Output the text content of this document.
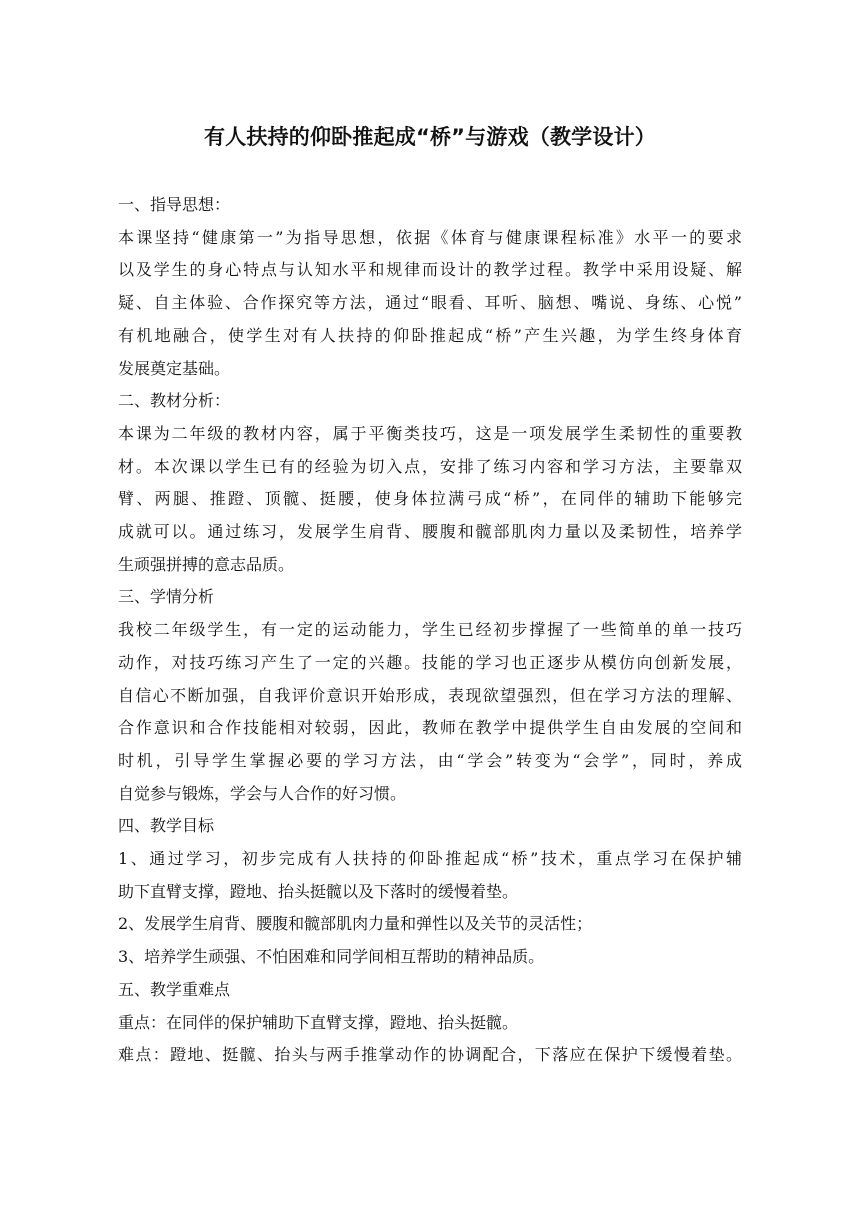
有人扶持的仰卧推起成“桥”与游戏（教学设计）

一、指导思想：

本课坚持“健康第一”为指导思想，依据《体育与健康课程标准》水平一的要求

以及学生的身心特点与认知水平和规律而设计的教学过程。教学中采用设疑、解

疑、自主体验、合作探究等方法，通过“眼看、耳听、脑想、嘴说、身练、心悦”

有机地融合，使学生对有人扶持的仰卧推起成“桥”产生兴趣，为学生终身体育

发展奠定基础。

二、教材分析：

本课为二年级的教材内容，属于平衡类技巧，这是一项发展学生柔韧性的重要教

材。本次课以学生已有的经验为切入点，安排了练习内容和学习方法，主要靠双

臂、两腿、推蹬、顶髋、挺腰，使身体拉满弓成“桥”，在同伴的辅助下能够完

成就可以。通过练习，发展学生肩背、腰腹和髋部肌肉力量以及柔韧性，培养学

生顽强拼搏的意志品质。

三、学情分析

我校二年级学生，有一定的运动能力，学生已经初步撑握了一些简单的单一技巧

动作，对技巧练习产生了一定的兴趣。技能的学习也正逐步从模仿向创新发展，

自信心不断加强，自我评价意识开始形成，表现欲望强烈，但在学习方法的理解、

合作意识和合作技能相对较弱，因此，教师在教学中提供学生自由发展的空间和

时机，引导学生掌握必要的学习方法，由“学会”转变为“会学”，同时，养成

自觉参与锻炼，学会与人合作的好习惯。

四、教学目标

1、通过学习，初步完成有人扶持的仰卧推起成“桥”技术，重点学习在保护辅

助下直臂支撑，蹬地、抬头挺髋以及下落时的缓慢着垫。

2、发展学生肩背、腰腹和髋部肌肉力量和弹性以及关节的灵活性；

3、培养学生顽强、不怕困难和同学间相互帮助的精神品质。

五、教学重难点

重点：在同伴的保护辅助下直臂支撑，蹬地、抬头挺髋。

难点：蹬地、挺髋、抬头与两手推掌动作的协调配合，下落应在保护下缓慢着垫。
